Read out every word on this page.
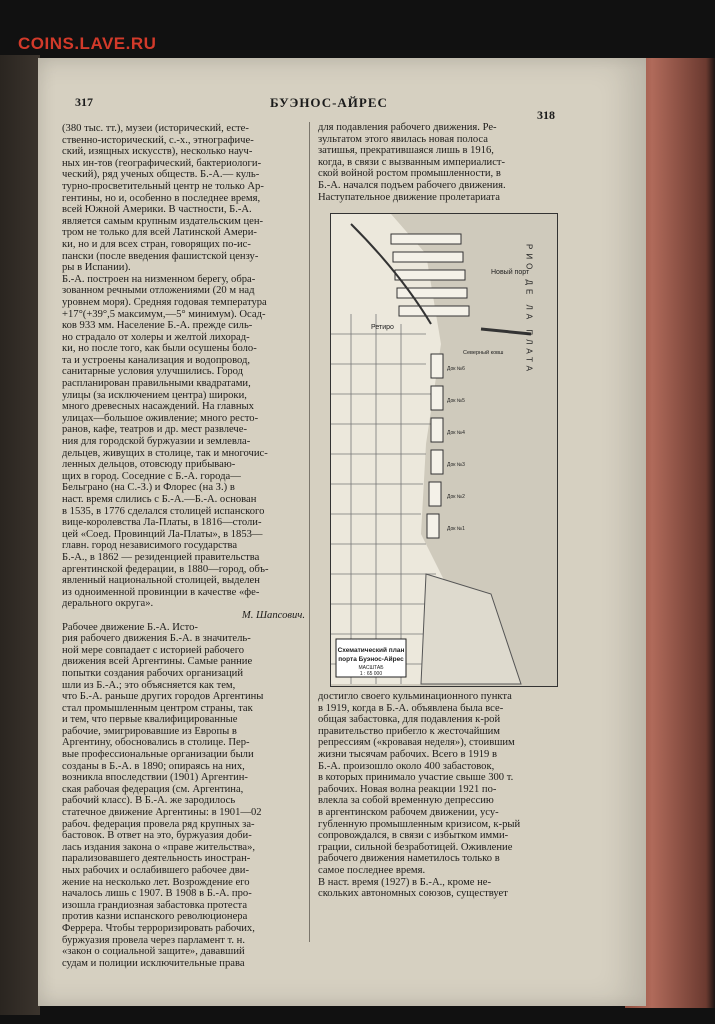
COINS.LAVE.RU
317	БУЭНОС-АЙРЕС
318
(380 тыс. тт.), музеи (исторический, есте-
ственно-исторический, с.-х., этнографиче-
ский, изящных искусств), несколько науч-
ных ин-тов (географический, бактериологи-
ческий), ряд ученых обществ. Б.-А.— куль-
турно-просветительный центр не только Ар-
гентины, но и, особенно в последнее время,
всей Южной Америки. В частности, Б.-А.
является самым крупным издательским цен-
тром не только для всей Латинской Амери-
ки, но и для всех стран, говорящих по-ис-
пански (после введения фашистской цензу-
ры в Испании).
Б.-А. построен на низменном берегу, обра-
зованном речными отложениями (20 м над
уровнем моря). Средняя годовая температура
+17°(+39°,5 максимум,—5° минимум). Осад-
ков 933 мм. Население Б.-А. прежде силь-
но страдало от холеры и желтой лихорад-
ки, но после того, как были осушены боло-
та и устроены канализация и водопровод,
санитарные условия улучшились. Город
распланирован правильными квадратами,
улицы (за исключением центра) широки,
много древесных насаждений. На главных
улицах—большое оживление; много ресто-
ранов, кафе, театров и др. мест развлече-
ния для городской буржуазии и землевла-
дельцев, живущих в столице, так и многочис-
ленных дельцов, отовсюду прибываю-
щих в город. Соседние с Б.-А. города—
Бельграно (на С.-З.) и Флорес (на З.) в
наст. время слились с Б.-А.—Б.-А. основан
в 1535, в 1776 сделался столицей испанского
вице-королевства Ла-Платы, в 1816—столи-
цей «Соед. Провинций Ла-Платы», в 1853—
главн. город независимого государства
Б.-А., в 1862 — резиденцией правительства
аргентинской федерации, в 1880—город, объ-
явленный национальной столицей, выделен
из одноименной провинции в качестве «фе-
дерального округа».
М. Шапсович.
Рабочее движение Б.-А. Исто-
рия рабочего движения Б.-А. в значитель-
ной мере совпадает с историей рабочего
движения всей Аргентины. Самые ранние
попытки создания рабочих организаций
шли из Б.-А.; это объясняется как тем,
что Б.-А. раньше других городов Аргентины
стал промышленным центром страны, так
и тем, что первые квалифицированные
рабочие, эмигрировавшие из Европы в
Аргентину, обосновались в столице. Пер-
вые профессиональные организации были
созданы в Б.-А. в 1890; опираясь на них,
возникла впоследствии (1901) Аргентин-
ская рабочая федерация (см. Аргентина,
рабочий класс). В Б.-А. же зародилось
статечное движение Аргентины: в 1901—02
рабоч. федерация провела ряд крупных за-
бастовок. В ответ на это, буржуазия доби-
лась издания закона о «праве жительства»,
парализовавшего деятельность иностран-
ных рабочих и ослабившего рабочее дви-
жение на несколько лет. Возрождение его
началось лишь с 1907. В 1908 в Б.-А. про-
изошла грандиозная забастовка протеста
против казни испанского революционера
Феррера. Чтобы терроризировать рабочих,
буржуазия провела через парламент т. н.
«закон о социальной защите», дававший
судам и полиции исключительные права
для подавления рабочего движения. Ре-
зультатом этого явилась новая полоса
затишья, прекратившаяся лишь в 1916,
когда, в связи с вызванным империалист-
ской войной ростом промышленности, в
Б.-А. начался подъем рабочего движения.
Наступательное движение пролетариата
Схематический план
порта Буэнос-Айрес
МАСШТАБ
1 : 65 000
Новый порт
Ретиро
Северный ковш	РИО ДЕ ЛА ПЛАТА
Док №6
Док №5
Док №4
Док №3
Док №2
Док №1
достигло своего кульминационного пункта
в 1919, когда в Б.-А. объявлена была все-
общая забастовка, для подавления к-рой
правительство прибегло к жесточайшим
репрессиям («кровавая неделя»), стоившим
жизни тысячам рабочих. Всего в 1919 в
Б.-А. произошло около 400 забастовок,
в которых принимало участие свыше 300 т.
рабочих. Новая волна реакции 1921 по-
влекла за собой временную депрессию
в аргентинском рабочем движении, усу-
губленную промышленным кризисом, к-рый
сопровождался, в связи с избытком имми-
грации, сильной безработицей. Оживление
рабочего движения наметилось только в
самое последнее время.
В наст. время (1927) в Б.-А., кроме не-
скольких автономных союзов, существует
